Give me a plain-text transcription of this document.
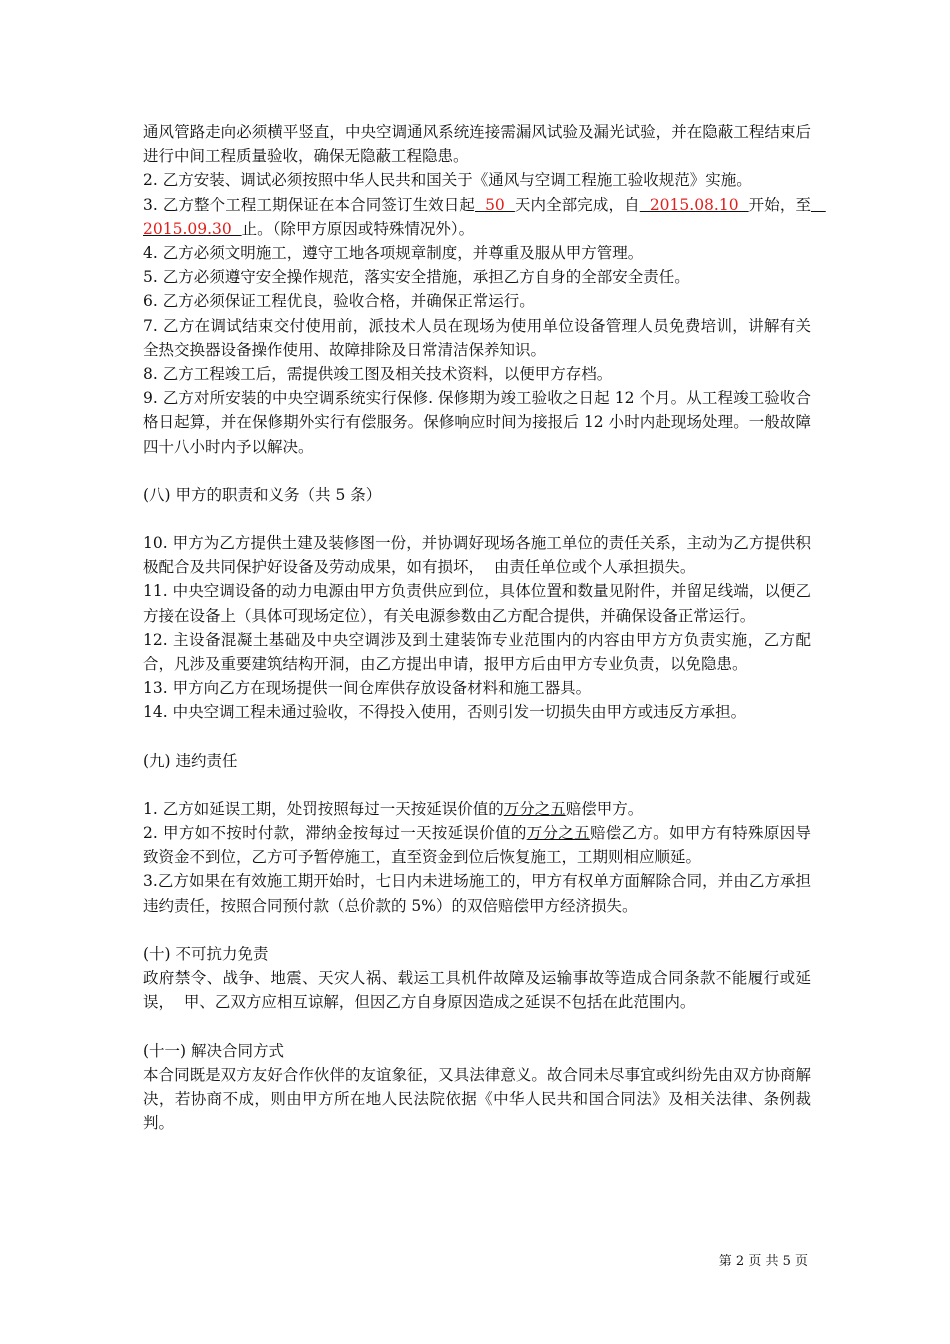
通风管路走向必须横平竖直，中央空调通风系统连接需漏风试验及漏光试验，并在隐蔽工程结束后进行中间工程质量验收，确保无隐蔽工程隐患。

2. 乙方安装、调试必须按照中华人民共和国关于《通风与空调工程施工验收规范》实施。

3. 乙方整个工程工期保证在本合同签订生效日起  50  天内全部完成，自  2015.08.10  开始，至   2015.09.30  止。（除甲方原因或特殊情况外）。

4. 乙方必须文明施工，遵守工地各项规章制度，并尊重及服从甲方管理。

5. 乙方必须遵守安全操作规范，落实安全措施，承担乙方自身的全部安全责任。

6. 乙方必须保证工程优良，验收合格，并确保正常运行。

7. 乙方在调试结束交付使用前，派技术人员在现场为使用单位设备管理人员免费培训，讲解有关全热交换器设备操作使用、故障排除及日常清洁保养知识。

8. 乙方工程竣工后，需提供竣工图及相关技术资料，以便甲方存档。

9. 乙方对所安装的中央空调系统实行保修. 保修期为竣工验收之日起 12 个月。从工程竣工验收合格日起算，并在保修期外实行有偿服务。保修响应时间为接报后 12 小时内赴现场处理。一般故障四十八小时内予以解决。

(八) 甲方的职责和义务（共 5 条）

10. 甲方为乙方提供土建及装修图一份，并协调好现场各施工单位的责任关系，主动为乙方提供积极配合及共同保护好设备及劳动成果，如有损坏，  由责任单位或个人承担损失。

11. 中央空调设备的动力电源由甲方负责供应到位，具体位置和数量见附件，并留足线端，以便乙方接在设备上（具体可现场定位），有关电源参数由乙方配合提供，并确保设备正常运行。

12. 主设备混凝土基础及中央空调涉及到土建装饰专业范围内的内容由甲方方负责实施，乙方配合，凡涉及重要建筑结构开洞，由乙方提出申请，报甲方后由甲方专业负责，以免隐患。

13. 甲方向乙方在现场提供一间仓库供存放设备材料和施工器具。

14. 中央空调工程未通过验收，不得投入使用，否则引发一切损失由甲方或违反方承担。

(九) 违约责任

1. 乙方如延误工期，处罚按照每过一天按延误价值的万分之五赔偿甲方。

2. 甲方如不按时付款，滞纳金按每过一天按延误价值的万分之五赔偿乙方。如甲方有特殊原因导致资金不到位，乙方可予暂停施工，直至资金到位后恢复施工，工期则相应顺延。

3.乙方如果在有效施工期开始时，七日内未进场施工的，甲方有权单方面解除合同，并由乙方承担违约责任，按照合同预付款（总价款的 5%）的双倍赔偿甲方经济损失。

(十) 不可抗力免责

政府禁令、战争、地震、天灾人祸、载运工具机件故障及运输事故等造成合同条款不能履行或延误，  甲、乙双方应相互谅解，但因乙方自身原因造成之延误不包括在此范围内。

(十一) 解决合同方式

本合同既是双方友好合作伙伴的友谊象征，又具法律意义。故合同未尽事宜或纠纷先由双方协商解决，若协商不成，则由甲方所在地人民法院依据《中华人民共和国合同法》及相关法律、条例裁判。

第 2 页 共 5 页
